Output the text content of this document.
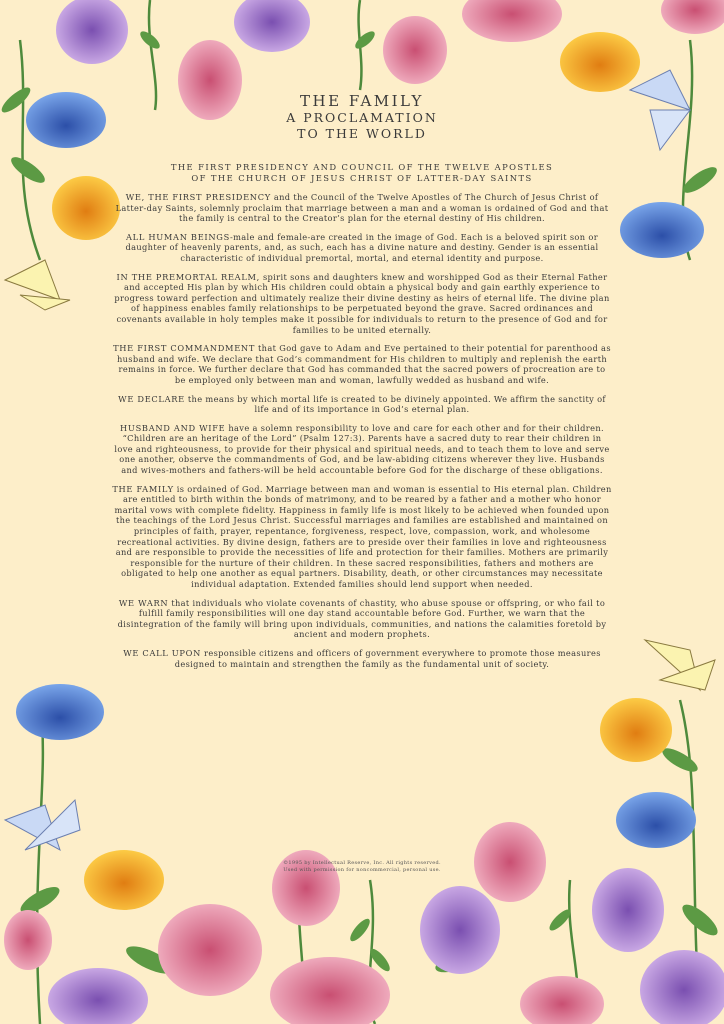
THE FAMILY

A PROCLAMATION

TO THE WORLD

THE FIRST PRESIDENCY AND COUNCIL OF THE TWELVE APOSTLES
OF THE CHURCH OF JESUS CHRIST OF LATTER-DAY SAINTS

WE, THE FIRST PRESIDENCY and the Council of the Twelve Apostles of The Church of Jesus Christ of Latter-day Saints, solemnly proclaim that marriage between a man and a woman is ordained of God and that the family is central to the Creator’s plan for the eternal destiny of His children.

ALL HUMAN BEINGS-male and female-are created in the image of God. Each is a beloved spirit son or daughter of heavenly parents, and, as such, each has a divine nature and destiny. Gender is an essential characteristic of individual premortal, mortal, and eternal identity and purpose.

IN THE PREMORTAL REALM, spirit sons and daughters knew and worshipped God as their Eternal Father and accepted His plan by which His children could obtain a physical body and gain earthly experience to progress toward perfection and ultimately realize their divine destiny as heirs of eternal life. The divine plan of happiness enables family relationships to be perpetuated beyond the grave. Sacred ordinances and covenants available in holy temples make it possible for individuals to return to the presence of God and for families to be united eternally.

THE FIRST COMMANDMENT that God gave to Adam and Eve pertained to their potential for parenthood as husband and wife. We declare that God’s commandment for His children to multiply and replenish the earth remains in force. We further declare that God has commanded that the sacred powers of procreation are to be employed only between man and woman, lawfully wedded as husband and wife.

WE DECLARE the means by which mortal life is created to be divinely appointed. We affirm the sanctity of life and of its importance in God’s eternal plan.

HUSBAND AND WIFE have a solemn responsibility to love and care for each other and for their children. “Children are an heritage of the Lord” (Psalm 127:3). Parents have a sacred duty to rear their children in love and righteousness, to provide for their physical and spiritual needs, and to teach them to love and serve one another, observe the commandments of God, and be law-abiding citizens wherever they live. Husbands and wives-mothers and fathers-will be held accountable before God for the discharge of these obligations.

THE FAMILY is ordained of God. Marriage between man and woman is essential to His eternal plan. Children are entitled to birth within the bonds of matrimony, and to be reared by a father and a mother who honor marital vows with complete fidelity. Happiness in family life is most likely to be achieved when founded upon the teachings of the Lord Jesus Christ. Successful marriages and families are established and maintained on principles of faith, prayer, repentance, forgiveness, respect, love, compassion, work, and wholesome recreational activities. By divine design, fathers are to preside over their families in love and righteousness and are responsible to provide the necessities of life and protection for their families. Mothers are primarily responsible for the nurture of their children. In these sacred responsibilities, fathers and mothers are obligated to help one another as equal partners. Disability, death, or other circumstances may necessitate individual adaptation. Extended families should lend support when needed.

WE WARN that individuals who violate covenants of chastity, who abuse spouse or offspring, or who fail to fulfill family responsibilities will one day stand accountable before God. Further, we warn that the disintegration of the family will bring upon individuals, communities, and nations the calamities foretold by ancient and modern prophets.

WE CALL UPON responsible citizens and officers of government everywhere to promote those measures designed to maintain and strengthen the family as the fundamental unit of society.

©1995 by Intellectual Reserve, Inc. All rights reserved.
Used with permission for noncommercial, personal use.
